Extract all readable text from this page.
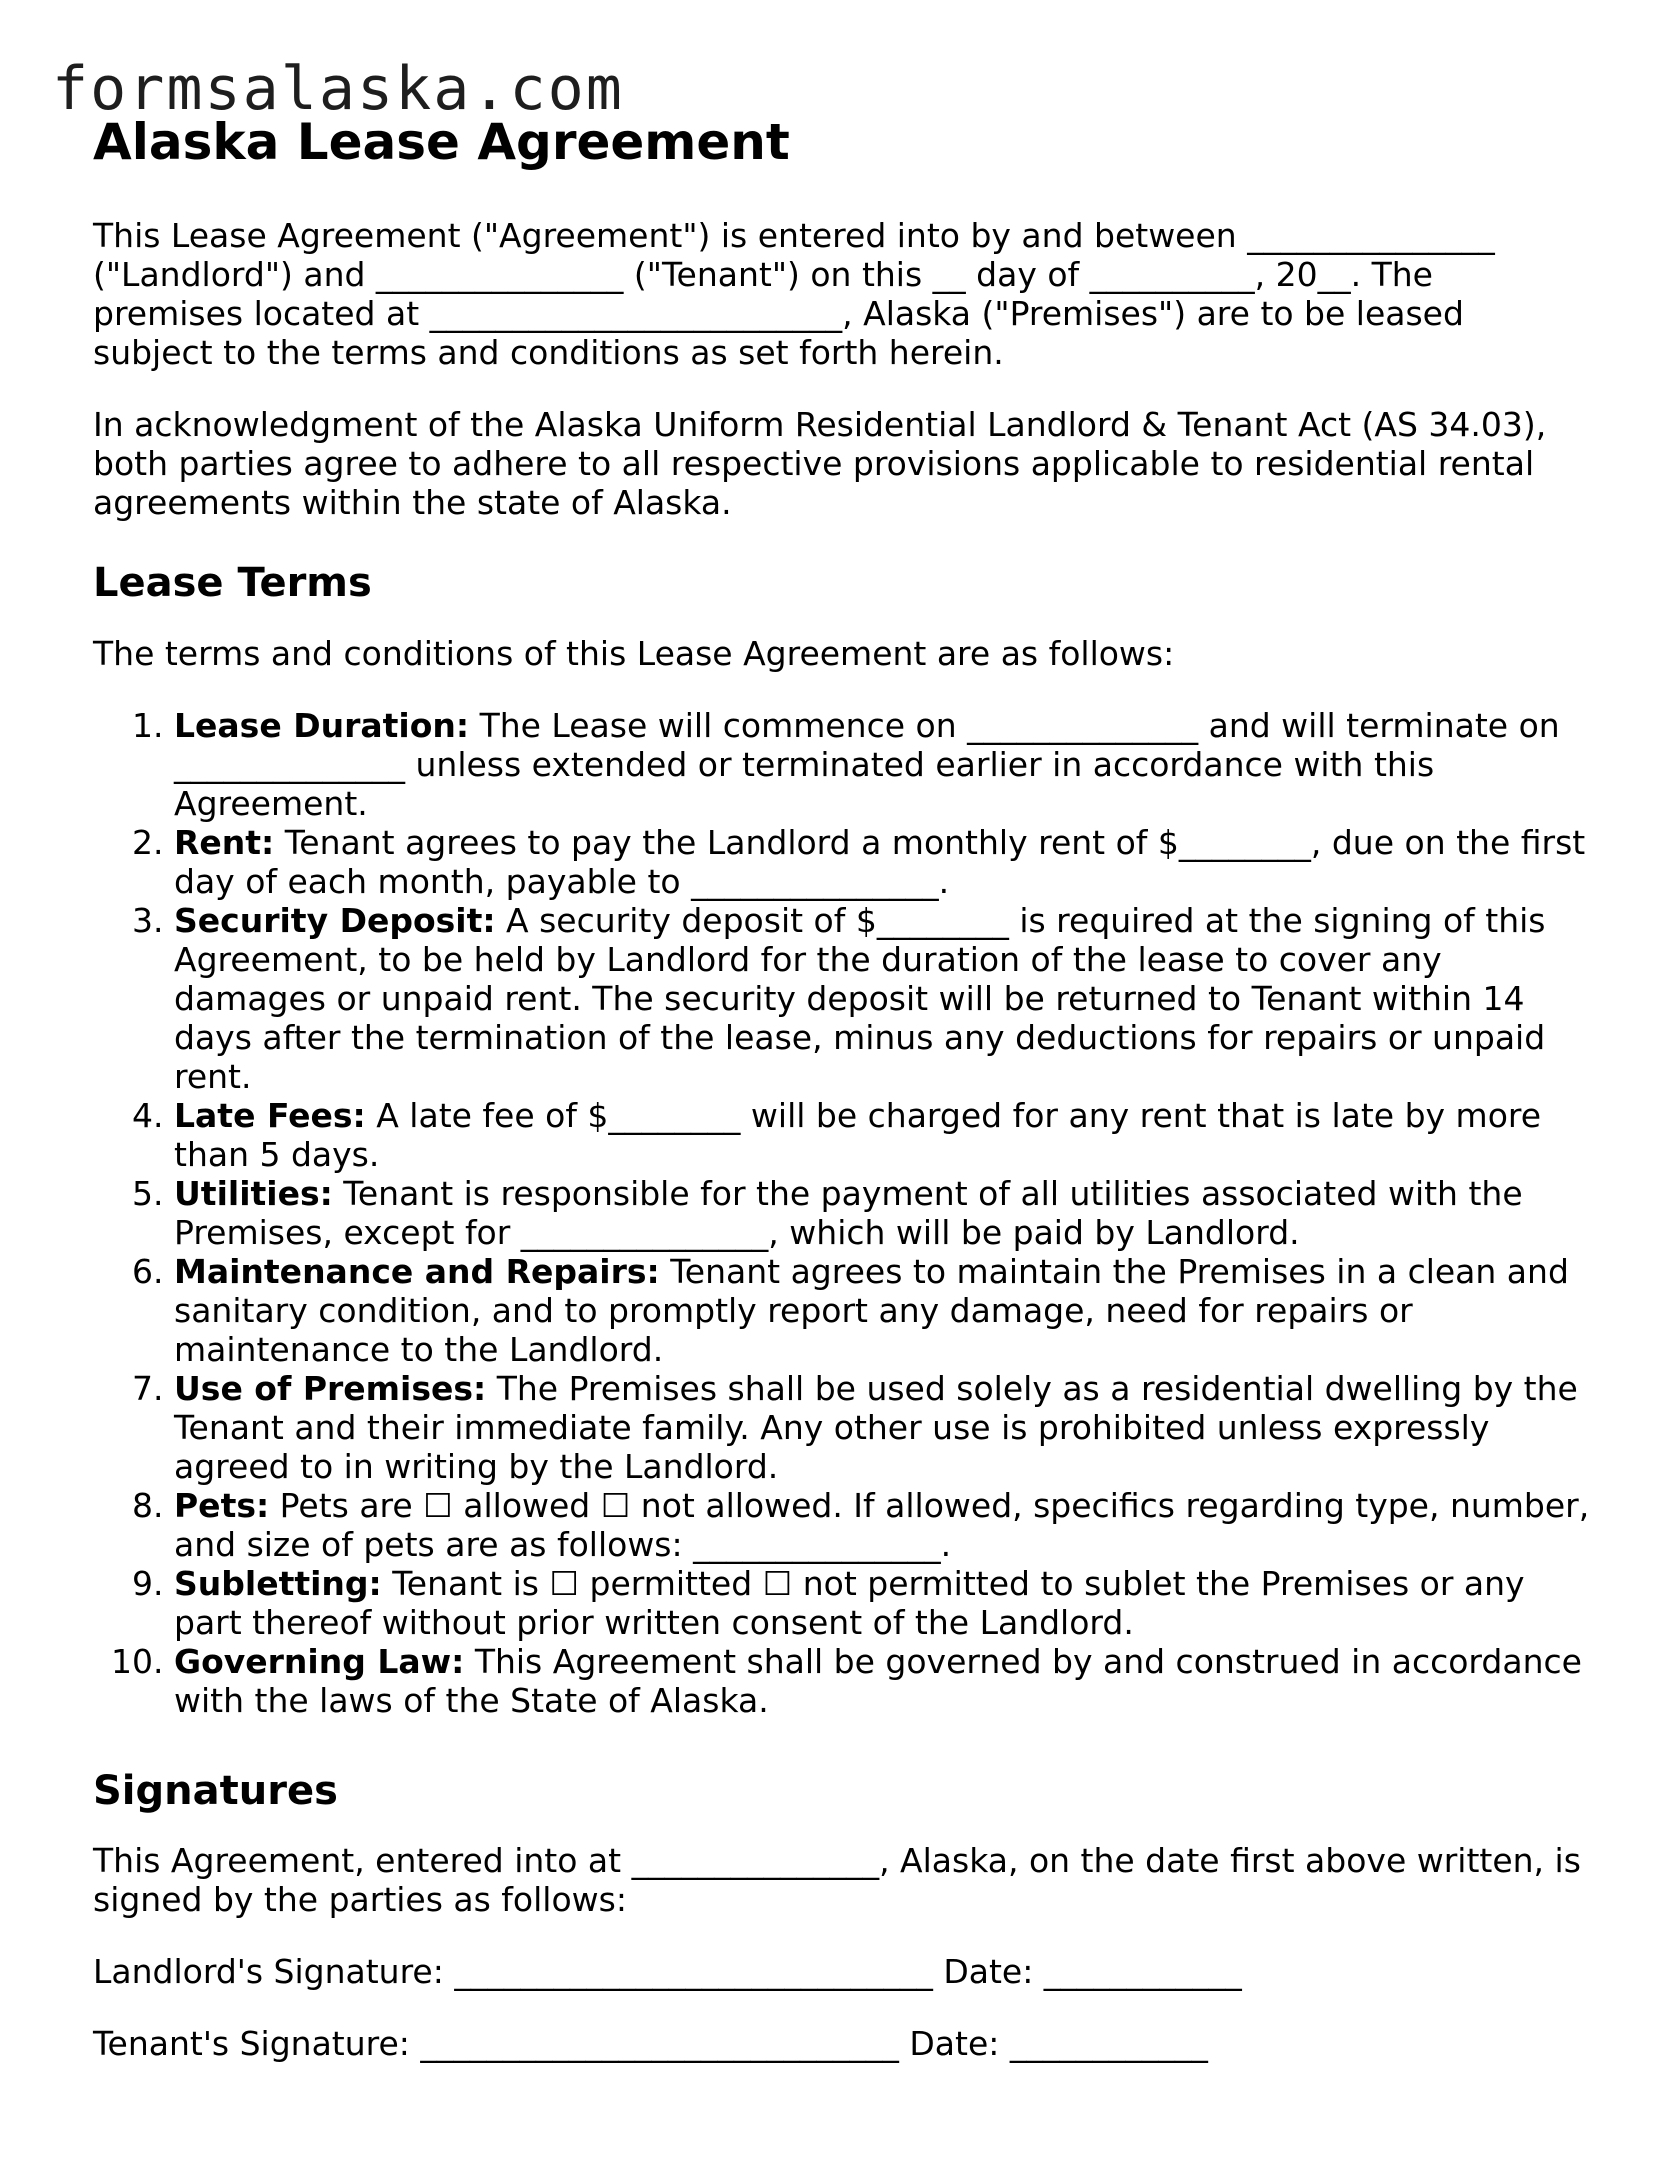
formsalaska.com
Alaska Lease Agreement

This Lease Agreement ("Agreement") is entered into by and between _______________ ("Landlord") and _______________ ("Tenant") on this __ day of __________, 20__. The premises located at _________________________, Alaska ("Premises") are to be leased subject to the terms and conditions as set forth herein.

In acknowledgment of the Alaska Uniform Residential Landlord & Tenant Act (AS 34.03), both parties agree to adhere to all respective provisions applicable to residential rental agreements within the state of Alaska.

Lease Terms

The terms and conditions of this Lease Agreement are as follows:

1. Lease Duration: The Lease will commence on ______________ and will terminate on ______________ unless extended or terminated earlier in accordance with this Agreement.
2. Rent: Tenant agrees to pay the Landlord a monthly rent of $________, due on the first day of each month, payable to _______________.
3. Security Deposit: A security deposit of $________ is required at the signing of this Agreement, to be held by Landlord for the duration of the lease to cover any damages or unpaid rent. The security deposit will be returned to Tenant within 14 days after the termination of the lease, minus any deductions for repairs or unpaid rent.
4. Late Fees: A late fee of $________ will be charged for any rent that is late by more than 5 days.
5. Utilities: Tenant is responsible for the payment of all utilities associated with the Premises, except for _______________, which will be paid by Landlord.
6. Maintenance and Repairs: Tenant agrees to maintain the Premises in a clean and sanitary condition, and to promptly report any damage, need for repairs or maintenance to the Landlord.
7. Use of Premises: The Premises shall be used solely as a residential dwelling by the Tenant and their immediate family. Any other use is prohibited unless expressly agreed to in writing by the Landlord.
8. Pets: Pets are ☐ allowed ☐ not allowed. If allowed, specifics regarding type, number, and size of pets are as follows: _______________.
9. Subletting: Tenant is ☐ permitted ☐ not permitted to sublet the Premises or any part thereof without prior written consent of the Landlord.
10. Governing Law: This Agreement shall be governed by and construed in accordance with the laws of the State of Alaska.
Signatures

This Agreement, entered into at _______________, Alaska, on the date first above written, is signed by the parties as follows:

Landlord's Signature: _____________________________ Date: ____________

Tenant's Signature: _____________________________ Date: ____________
